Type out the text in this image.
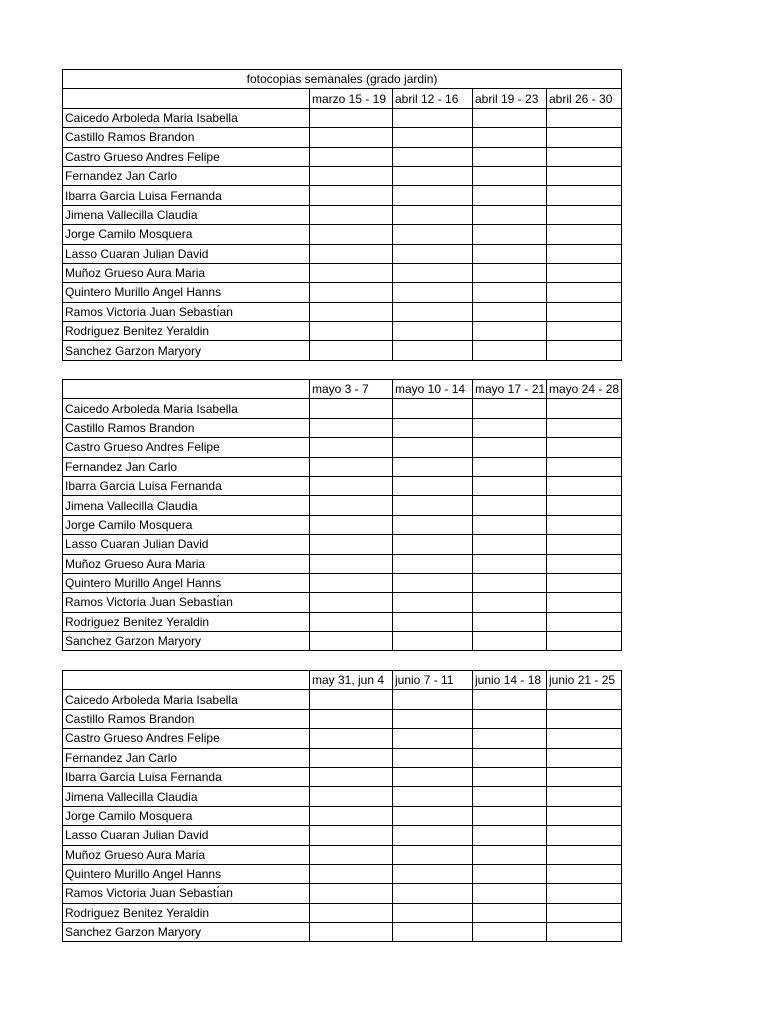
fotocopias semanales (grado jardin)				
	marzo 15 - 19	abril 12 - 16	abril 19 - 23	abril 26 - 30
Caicedo Arboleda Maria Isabella				
Castillo Ramos Brandon				
Castro Grueso Andres Felipe				
Fernandez Jan Carlo				
Ibarra Garcia Luisa Fernanda				
Jimena Vallecilla Claudia				
Jorge Camilo Mosquera				
Lasso Cuaran Julian David				
Muñoz Grueso Aura Maria				
Quintero Murillo Angel Hanns				
Ramos Victoria Juan Sebastı́an				
Rodriguez Benitez Yeraldin				
Sanchez Garzon Maryory				
	mayo 3 - 7	mayo 10 - 14	mayo 17 - 21	mayo 24 - 28
Caicedo Arboleda Maria Isabella				
Castillo Ramos Brandon				
Castro Grueso Andres Felipe				
Fernandez Jan Carlo				
Ibarra Garcia Luisa Fernanda				
Jimena Vallecilla Claudia				
Jorge Camilo Mosquera				
Lasso Cuaran Julian David				
Muñoz Grueso Aura Maria				
Quintero Murillo Angel Hanns				
Ramos Victoria Juan Sebastı́an				
Rodriguez Benitez Yeraldin				
Sanchez Garzon Maryory				
	may 31, jun 4	junio 7 - 11	junio 14 - 18	junio 21 - 25
Caicedo Arboleda Maria Isabella				
Castillo Ramos Brandon				
Castro Grueso Andres Felipe				
Fernandez Jan Carlo				
Ibarra Garcia Luisa Fernanda				
Jimena Vallecilla Claudia				
Jorge Camilo Mosquera				
Lasso Cuaran Julian David				
Muñoz Grueso Aura Maria				
Quintero Murillo Angel Hanns				
Ramos Victoria Juan Sebastı́an				
Rodriguez Benitez Yeraldin				
Sanchez Garzon Maryory				
